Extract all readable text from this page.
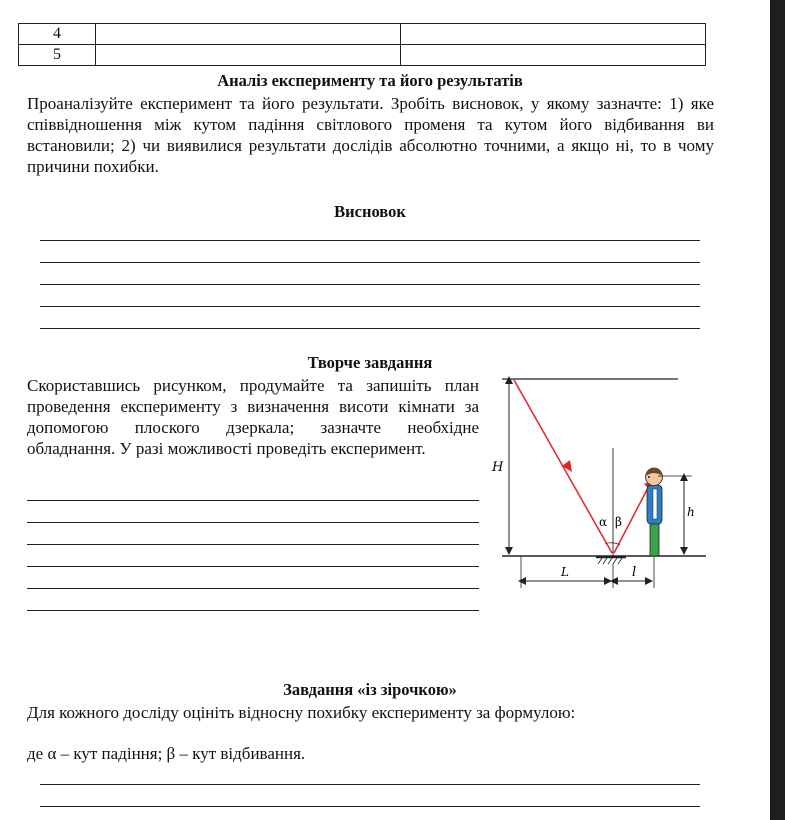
4		
5		
Аналіз експерименту та його результатів
Проаналізуйте експеримент та його результати. Зробіть висновок, у якому зазначте: 1) яке співвідношення між кутом падіння світлового променя та кутом його відбивання ви встановили; 2) чи виявилися результати дослідів абсолютно точними, а якщо ні, то в чому причини похибки.
Висновок
Творче завдання
Скориставшись рисунком, продумайте та запишіть план проведення експерименту з визначення висоти кімнати за допомогою плоского дзеркала; зазначте необхідне обладнання. У разі можливості проведіть експеримент.
H
α β
h
L	l
Завдання «із зірочкою»
Для кожного досліду оцініть відносну похибку експерименту за формулою:
де α – кут падіння; β – кут відбивання.
